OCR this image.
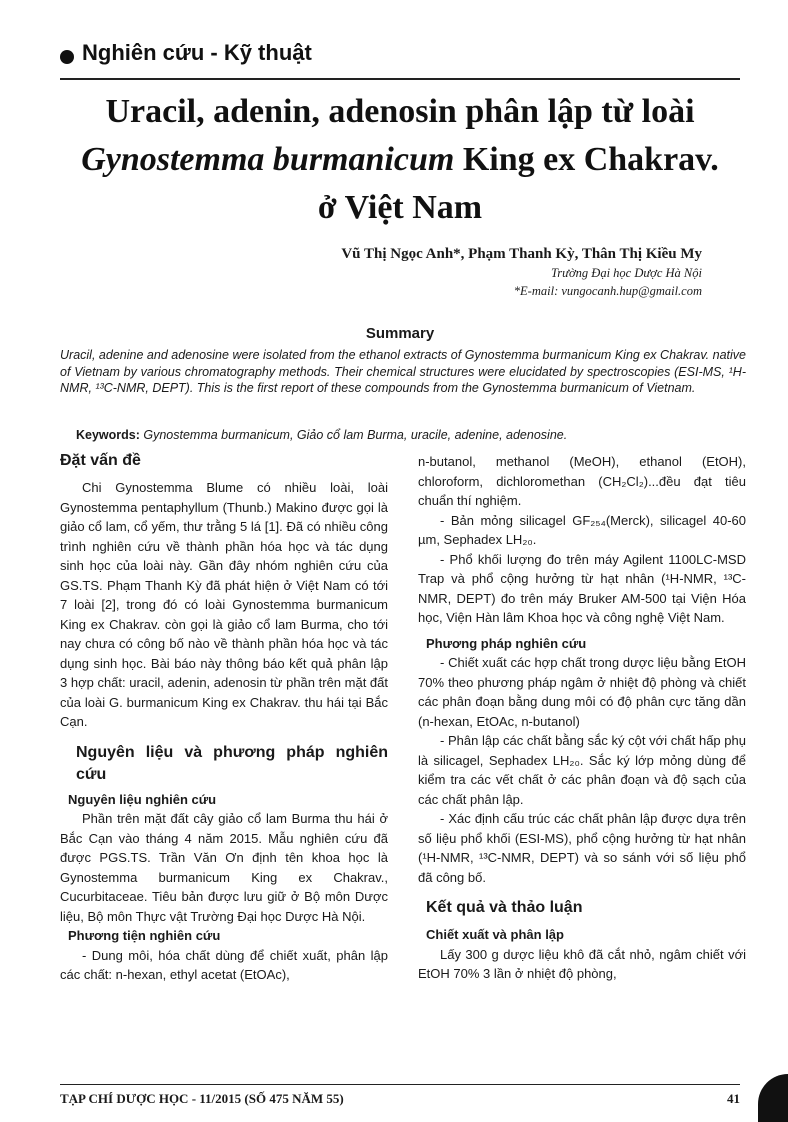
Nghiên cứu - Kỹ thuật
Uracil, adenin, adenosin phân lập từ loài
Gynostemma burmanicum King ex Chakrav.
ở Việt Nam
Vũ Thị Ngọc Anh*, Phạm Thanh Kỳ, Thân Thị Kiều My
Trường Đại học Dược Hà Nội
*E-mail: vungocanh.hup@gmail.com
Summary
Uracil, adenine and adenosine were isolated from the ethanol extracts of Gynostemma burmanicum King ex Chakrav. native of Vietnam by various chromatography methods. Their chemical structures were elucidated by spectroscopies (ESI-MS, ¹H-NMR, ¹³C-NMR, DEPT). This is the first report of these compounds from the Gynostemma burmanicum of Vietnam.
Keywords: Gynostemma burmanicum, Giảo cổ lam Burma, uracile, adenine, adenosine.
Đặt vấn đề

Chi Gynostemma Blume có nhiều loài, loài Gynostemma pentaphyllum (Thunb.) Makino được gọi là giảo cổ lam, cổ yếm, thư trằng 5 lá [1]. Đã có nhiều công trình nghiên cứu về thành phần hóa học và tác dụng sinh học của loài này. Gần đây nhóm nghiên cứu của GS.TS. Phạm Thanh Kỳ đã phát hiện ở Việt Nam có tới 7 loài [2], trong đó có loài Gynostemma burmanicum King ex Chakrav. còn gọi là giảo cổ lam Burma, cho tới nay chưa có công bố nào về thành phần hóa học và tác dụng sinh học. Bài báo này thông báo kết quả phân lập 3 hợp chất: uracil, adenin, adenosin từ phần trên mặt đất của loài G. burmanicum King ex Chakrav. thu hái tại Bắc Cạn.

Nguyên liệu và phương pháp nghiên cứu
Nguyên liệu nghiên cứu

Phần trên mặt đất cây giảo cổ lam Burma thu hái ở Bắc Cạn vào tháng 4 năm 2015. Mẫu nghiên cứu đã được PGS.TS. Trần Văn Ơn định tên khoa học là Gynostemma burmanicum King ex Chakrav., Cucurbitaceae. Tiêu bản được lưu giữ ở Bộ môn Dược liệu, Bộ môn Thực vật Trường Đại học Dược Hà Nội.

Phương tiện nghiên cứu

- Dung môi, hóa chất dùng để chiết xuất, phân lập các chất: n-hexan, ethyl acetat (EtOAc),

n-butanol, methanol (MeOH), ethanol (EtOH), chloroform, dichloromethan (CH₂Cl₂)...đều đạt tiêu chuẩn thí nghiệm.

- Bản mỏng silicagel GF₂₅₄(Merck), silicagel 40-60 µm, Sephadex LH₂₀.

- Phổ khối lượng đo trên máy Agilent 1100LC-MSD Trap và phổ cộng hưởng từ hạt nhân (¹H-NMR, ¹³C-NMR, DEPT) đo trên máy Bruker AM-500 tại Viện Hóa học, Viện Hàn lâm Khoa học và công nghệ Việt Nam.

Phương pháp nghiên cứu

- Chiết xuất các hợp chất trong dược liệu bằng EtOH 70% theo phương pháp ngâm ở nhiệt độ phòng và chiết các phân đoạn bằng dung môi có độ phân cực tăng dần (n-hexan, EtOAc, n-butanol)

- Phân lập các chất bằng sắc ký cột với chất hấp phụ là silicagel, Sephadex LH₂₀. Sắc ký lớp mỏng dùng để kiểm tra các vết chất ở các phân đoạn và độ sạch của các chất phân lập.

- Xác định cấu trúc các chất phân lập được dựa trên số liệu phổ khối (ESI-MS), phổ cộng hưởng từ hạt nhân (¹H-NMR, ¹³C-NMR, DEPT) và so sánh với số liệu phổ đã công bố.

Kết quả và thảo luận
Chiết xuất và phân lập

Lấy 300 g dược liệu khô đã cắt nhỏ, ngâm chiết với EtOH 70% 3 lần ở nhiệt độ phòng,

TẠP CHÍ DƯỢC HỌC - 11/2015 (SỐ 475 NĂM 55)	41
